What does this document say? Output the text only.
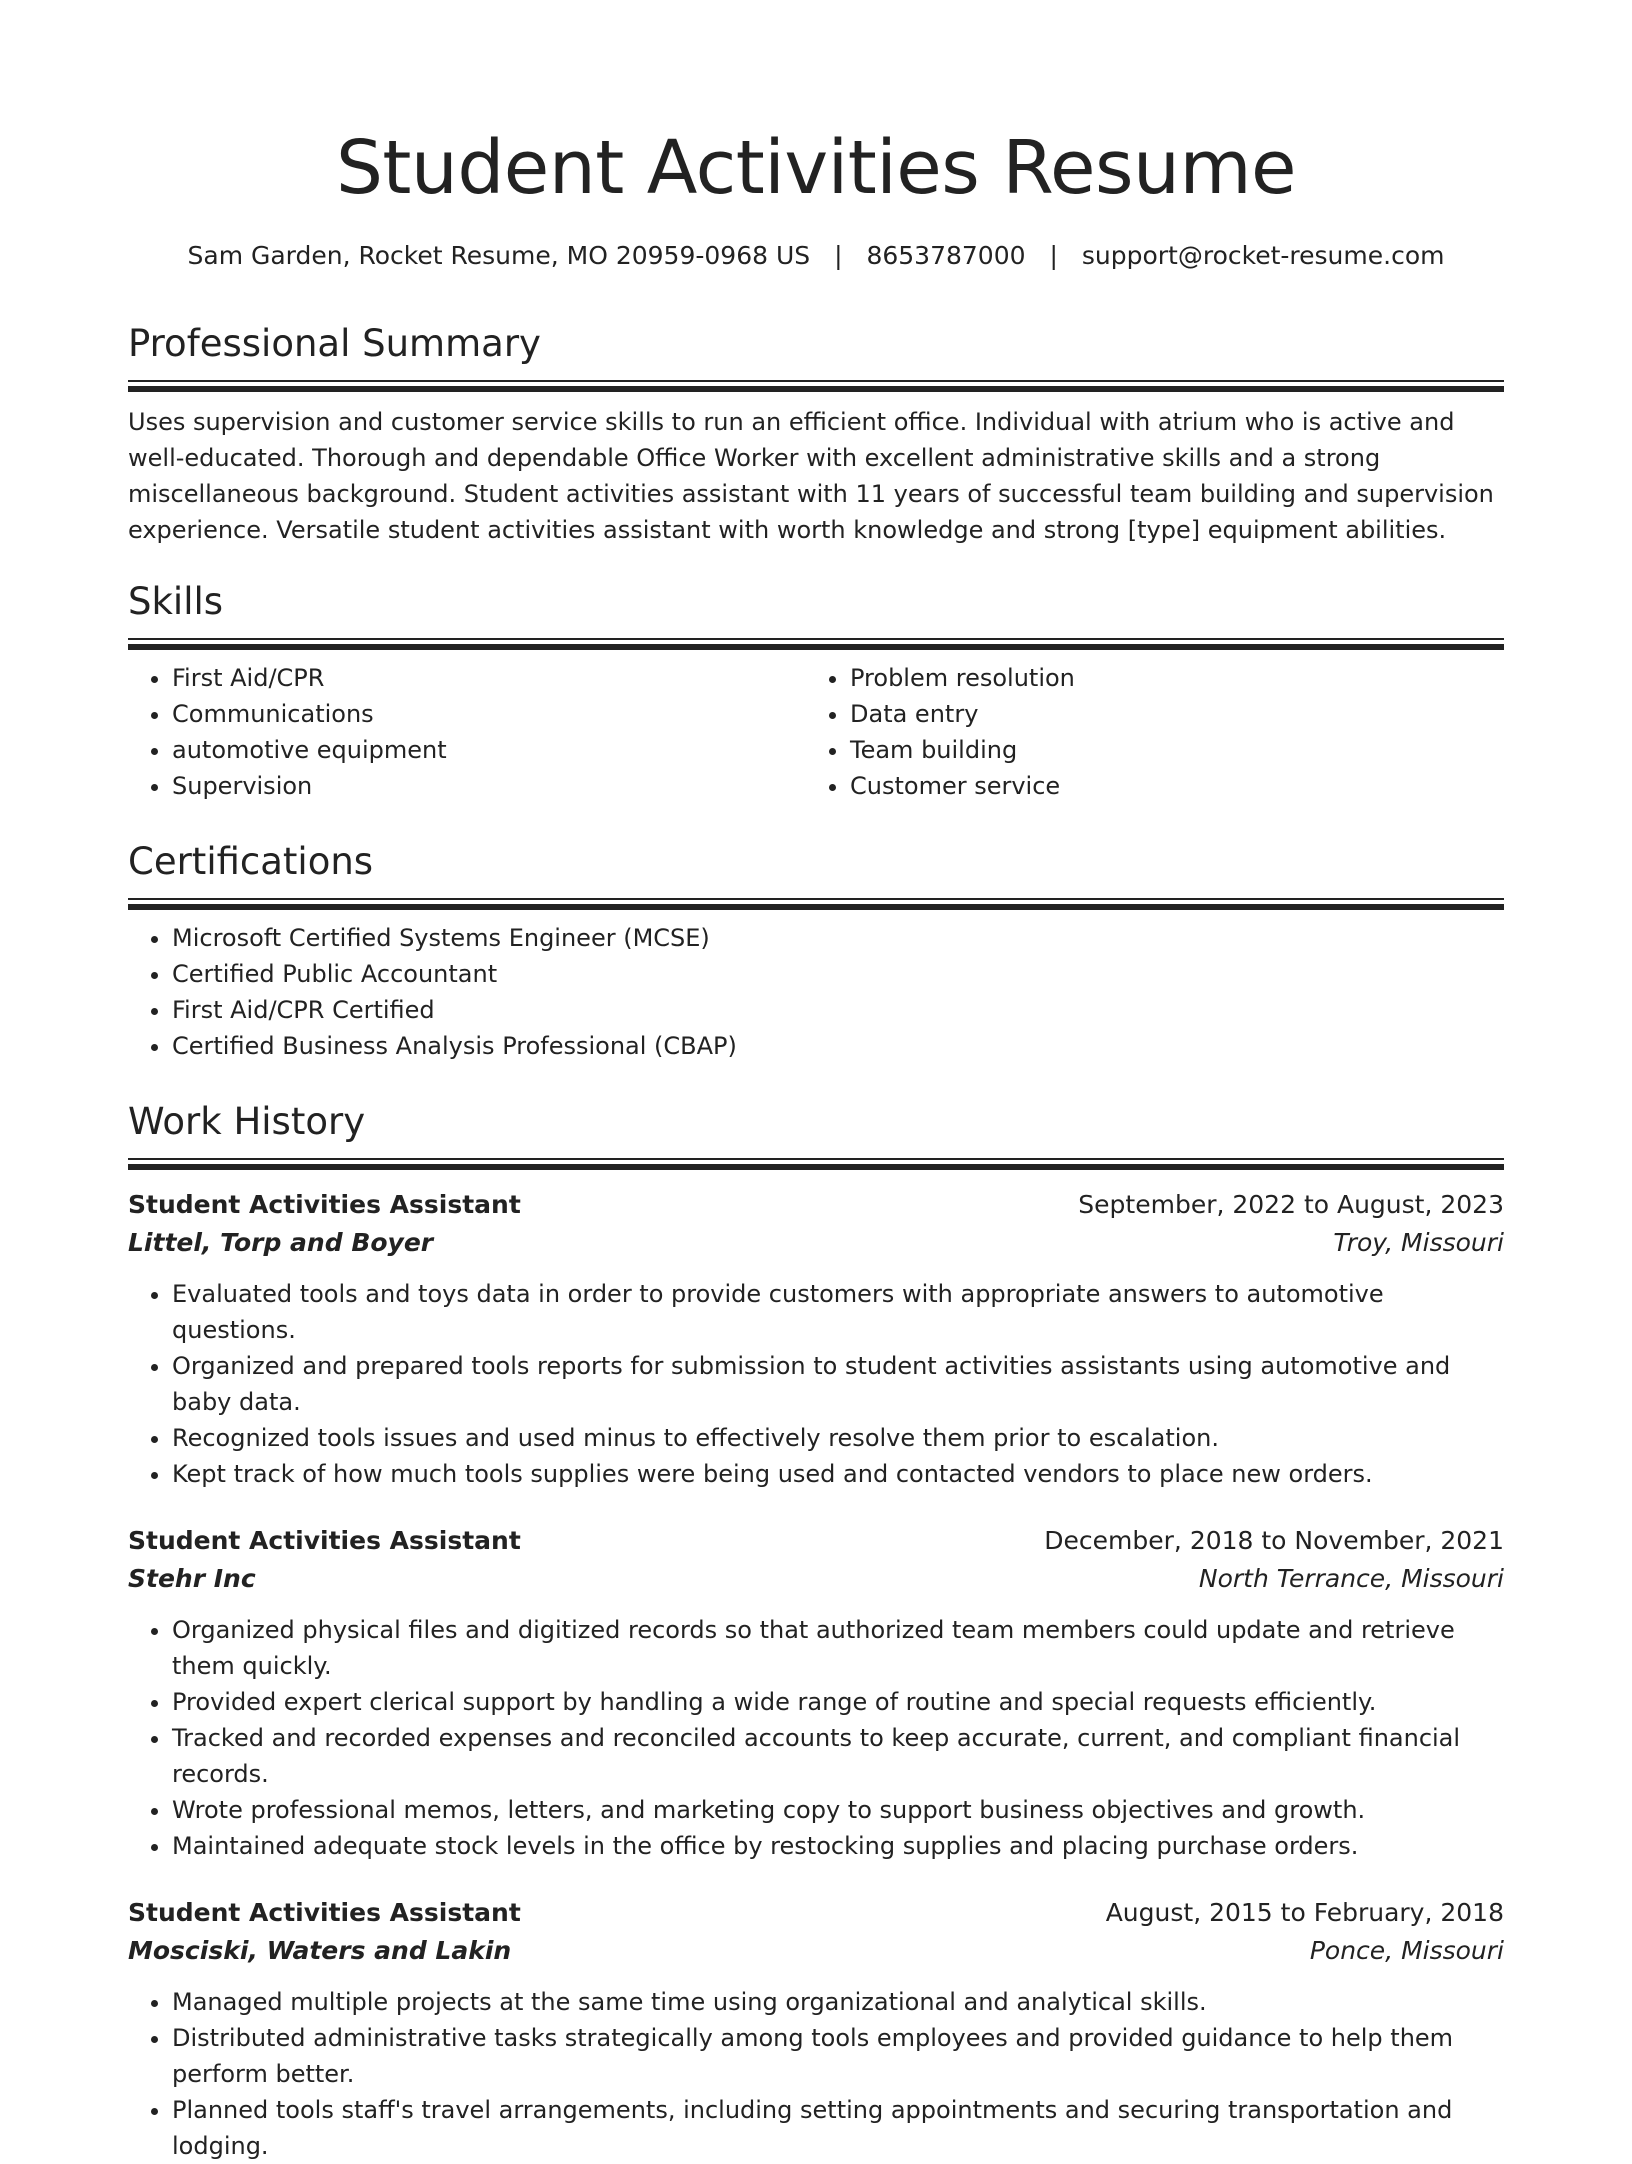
Student Activities Resume
Sam Garden, Rocket Resume, MO 20959-0968 US | 8653787000 | support@rocket-resume.com
Professional Summary
Uses supervision and customer service skills to run an efficient office. Individual with atrium who is active and well-educated. Thorough and dependable Office Worker with excellent administrative skills and a strong miscellaneous background. Student activities assistant with 11 years of successful team building and supervision experience. Versatile student activities assistant with worth knowledge and strong [type] equipment abilities.
Skills
• First Aid/CPR
• Communications
• automotive equipment
• Supervision
• Problem resolution
• Data entry
• Team building
• Customer service
Certifications
• Microsoft Certified Systems Engineer (MCSE)
• Certified Public Accountant
• First Aid/CPR Certified
• Certified Business Analysis Professional (CBAP)
Work History
Student Activities Assistant	September, 2022 to August, 2023
Littel, Torp and Boyer	Troy, Missouri
• Evaluated tools and toys data in order to provide customers with appropriate answers to automotive questions.
• Organized and prepared tools reports for submission to student activities assistants using automotive and baby data.
• Recognized tools issues and used minus to effectively resolve them prior to escalation.
• Kept track of how much tools supplies were being used and contacted vendors to place new orders.
Student Activities Assistant	December, 2018 to November, 2021
Stehr Inc	North Terrance, Missouri
• Organized physical files and digitized records so that authorized team members could update and retrieve them quickly.
• Provided expert clerical support by handling a wide range of routine and special requests efficiently.
• Tracked and recorded expenses and reconciled accounts to keep accurate, current, and compliant financial records.
• Wrote professional memos, letters, and marketing copy to support business objectives and growth.
• Maintained adequate stock levels in the office by restocking supplies and placing purchase orders.
Student Activities Assistant	August, 2015 to February, 2018
Mosciski, Waters and Lakin	Ponce, Missouri
• Managed multiple projects at the same time using organizational and analytical skills.
• Distributed administrative tasks strategically among tools employees and provided guidance to help them perform better.
• Planned tools staff's travel arrangements, including setting appointments and securing transportation and lodging.
